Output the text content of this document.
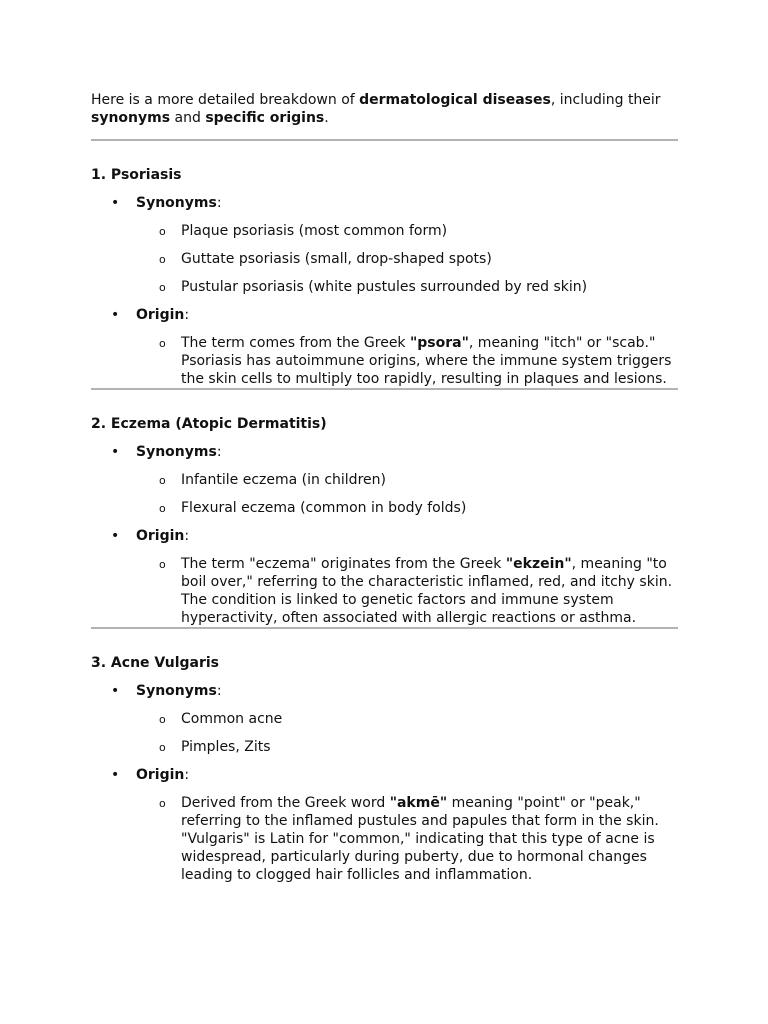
Here is a more detailed breakdown of dermatological diseases, including their synonyms and specific origins.

1. Psoriasis

• Synonyms:
o Plaque psoriasis (most common form)
o Guttate psoriasis (small, drop-shaped spots)
o Pustular psoriasis (white pustules surrounded by red skin)
• Origin:
o The term comes from the Greek "psora", meaning "itch" or "scab." Psoriasis has autoimmune origins, where the immune system triggers the skin cells to multiply too rapidly, resulting in plaques and lesions.

2. Eczema (Atopic Dermatitis)

• Synonyms:
o Infantile eczema (in children)
o Flexural eczema (common in body folds)
• Origin:
o The term "eczema" originates from the Greek "ekzein", meaning "to boil over," referring to the characteristic inflamed, red, and itchy skin. The condition is linked to genetic factors and immune system hyperactivity, often associated with allergic reactions or asthma.

3. Acne Vulgaris

• Synonyms:
o Common acne
o Pimples, Zits
• Origin:
o Derived from the Greek word "akmē" meaning "point" or "peak," referring to the inflamed pustules and papules that form in the skin. "Vulgaris" is Latin for "common," indicating that this type of acne is widespread, particularly during puberty, due to hormonal changes leading to clogged hair follicles and inflammation.
